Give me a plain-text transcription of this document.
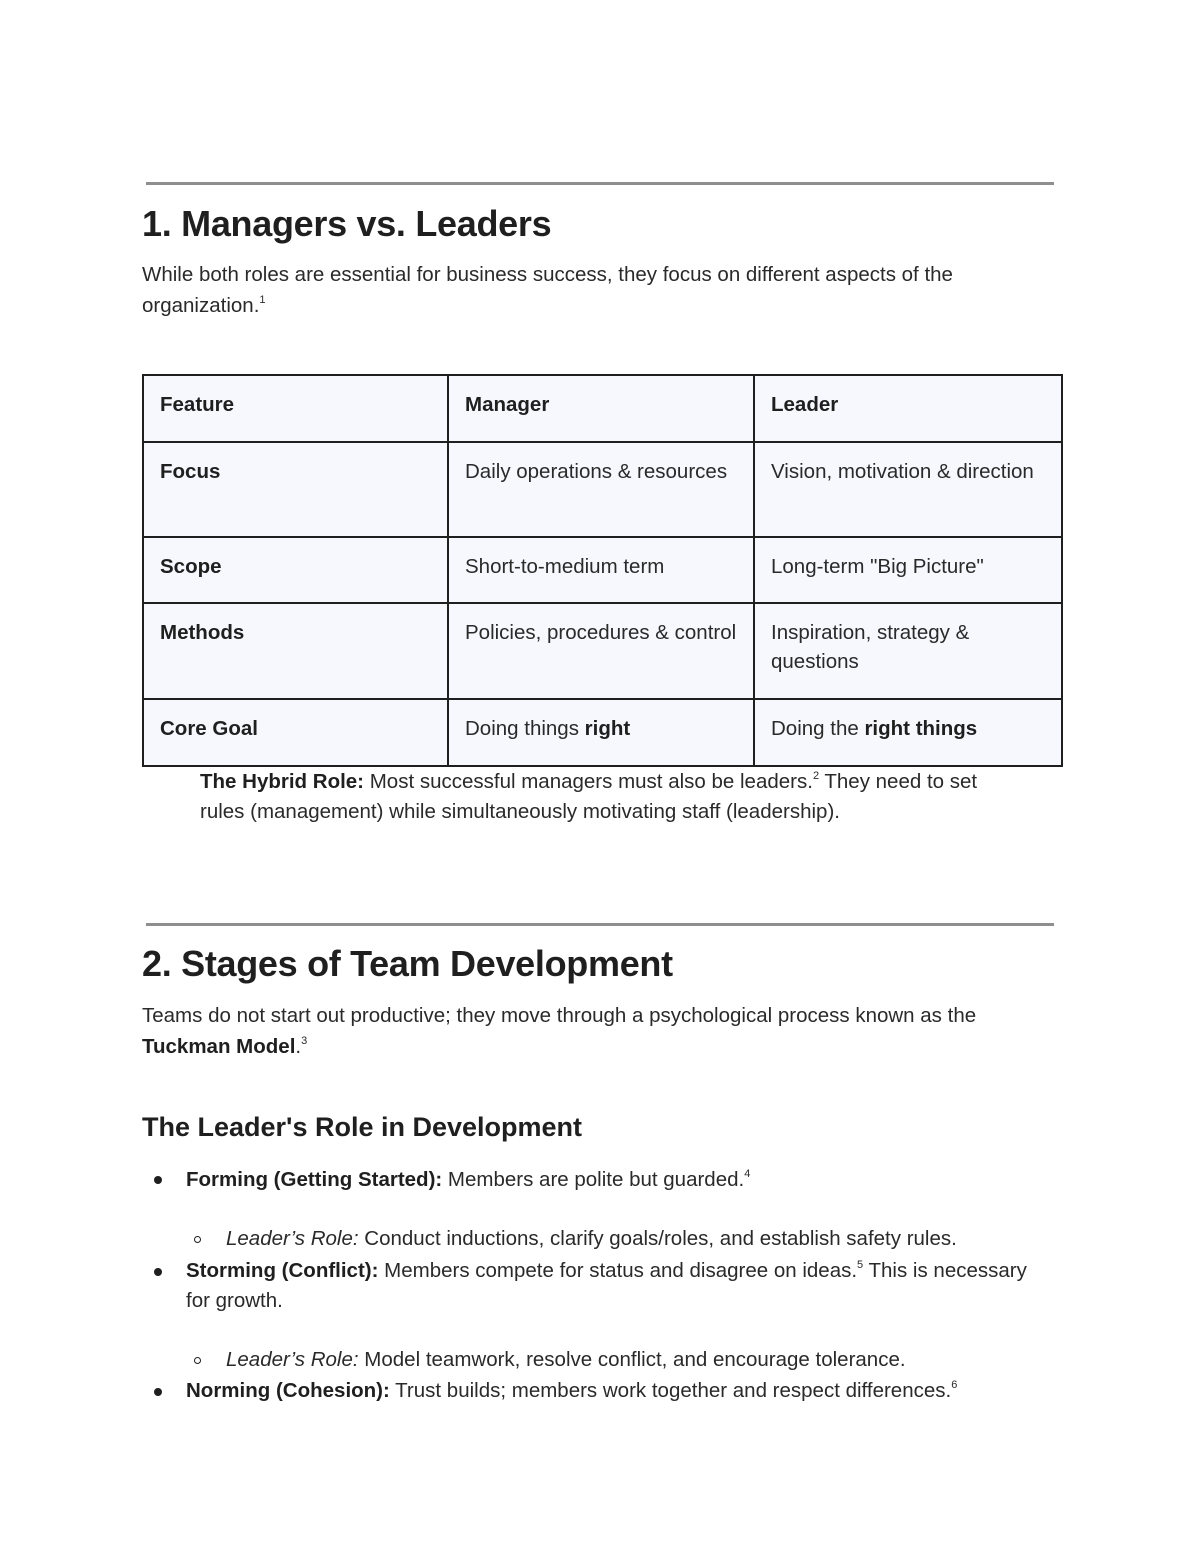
1. Managers vs. Leaders

While both roles are essential for business success, they focus on different aspects of the organization.$^1$

Feature	Manager	Leader
Focus	Daily operations & resources	Vision, motivation & direction
Scope	Short-to-medium term	Long-term "Big Picture"
Methods	Policies, procedures & control	Inspiration, strategy & questions
Core Goal	Doing things right	Doing the right things

The Hybrid Role: Most successful managers must also be leaders.$^2$ They need to set rules (management) while simultaneously motivating staff (leadership).

2. Stages of Team Development

Teams do not start out productive; they move through a psychological process known as the Tuckman Model.$^3$

The Leader's Role in Development

Forming (Getting Started): Members are polite but guarded.$^4$

Leader’s Role: Conduct inductions, clarify goals/roles, and establish safety rules.

Storming (Conflict): Members compete for status and disagree on ideas.$^5$ This is necessary for growth.

Leader’s Role: Model teamwork, resolve conflict, and encourage tolerance.

Norming (Cohesion): Trust builds; members work together and respect differences.$^6$
